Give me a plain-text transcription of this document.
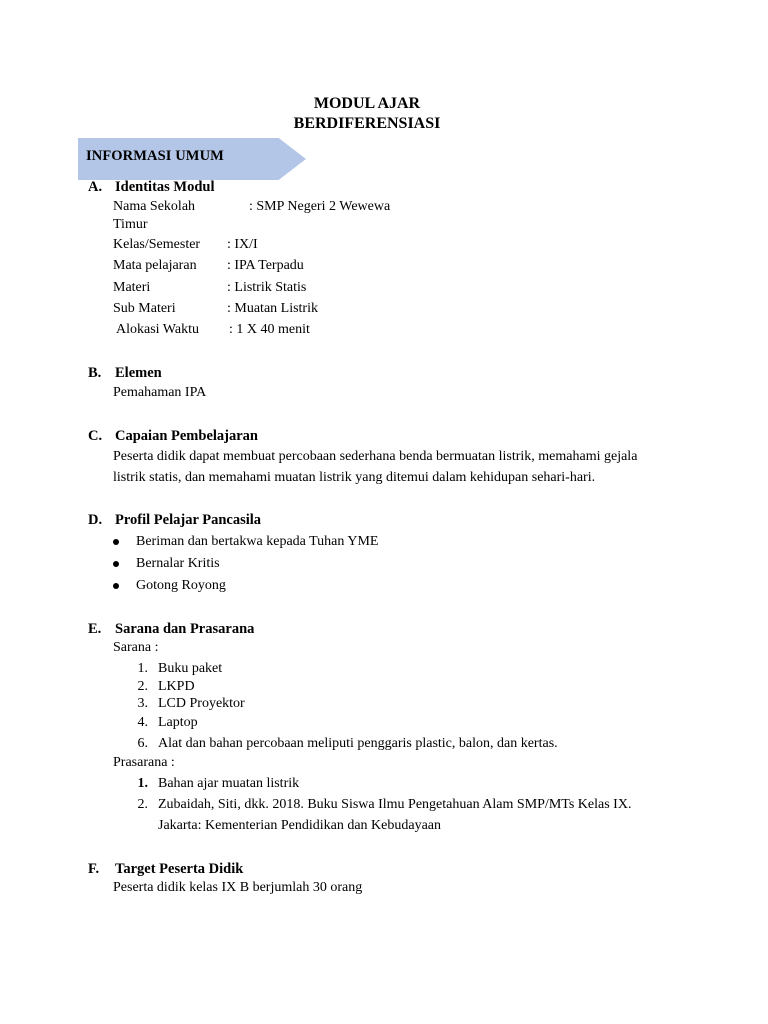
MODUL AJAR
BERDIFERENSIASI
INFORMASI UMUM
A. Identitas Modul
Nama Sekolah	: SMP Negeri 2 Wewewa
Timur
Kelas/Semester : IX/I
Mata pelajaran : IPA Terpadu
Materi	: Listrik Statis
Sub Materi	: Muatan Listrik
Alokasi Waktu : 1 X 40 menit
B. Elemen
Pemahaman IPA
C. Capaian Pembelajaran
Peserta didik dapat membuat percobaan sederhana benda bermuatan listrik, memahami gejala
listrik statis, dan memahami muatan listrik yang ditemui dalam kehidupan sehari-hari.
D. Profil Pelajar Pancasila
Beriman dan bertakwa kepada Tuhan YME
Bernalar Kritis
Gotong Royong
E. Sarana dan Prasarana
Sarana :
1. Buku paket
2. LKPD
3. LCD Proyektor
4. Laptop
6. Alat dan bahan percobaan meliputi penggaris plastic, balon, dan kertas.
Prasarana :
1. Bahan ajar muatan listrik
2. Zubaidah, Siti, dkk. 2018. Buku Siswa Ilmu Pengetahuan Alam SMP/MTs Kelas IX.
Jakarta: Kementerian Pendidikan dan Kebudayaan
F. Target Peserta Didik
Peserta didik kelas IX B berjumlah 30 orang
